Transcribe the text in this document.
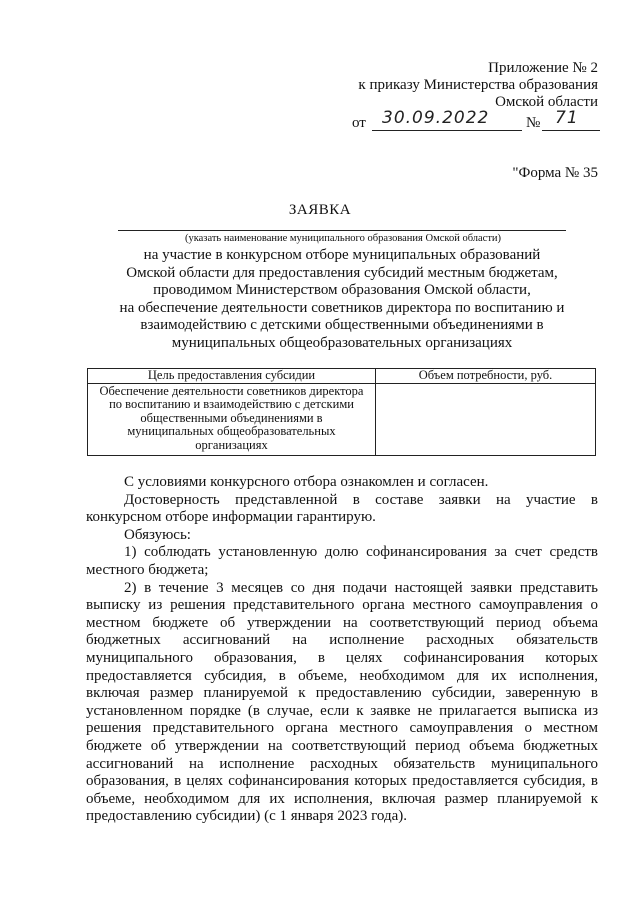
Приложение № 2
к приказу Министерства образования
Омской области
от 30.09.2022 № 71
"Форма № 35
ЗАЯВКА
(указать наименование муниципального образования Омской области)
на участие в конкурсном отборе муниципальных образований
Омской области для предоставления субсидий местным бюджетам,
проводимом Министерством образования Омской области,
на обеспечение деятельности советников директора по воспитанию и
взаимодействию с детскими общественными объединениями в
муниципальных общеобразовательных организациях
Цель предоставления субсидии	Объем потребности, руб.

Обеспечение деятельности советников директора
по воспитанию и взаимодействию с детскими
общественными объединениями в
муниципальных общеобразовательных
организациях	

С условиями конкурсного отбора ознакомлен и согласен.
Достоверность представленной в составе заявки на участие в
конкурсном отборе информации гарантирую.
Обязуюсь:
1) соблюдать установленную долю софинансирования за счет средств
местного бюджета;
2) в течение 3 месяцев со дня подачи настоящей заявки представить
выписку из решения представительного органа местного самоуправления о
местном бюджете об утверждении на соответствующий период объема
бюджетных ассигнований на исполнение расходных обязательств
муниципального образования, в целях софинансирования которых
предоставляется субсидия, в объеме, необходимом для их исполнения,
включая размер планируемой к предоставлению субсидии, заверенную в
установленном порядке (в случае, если к заявке не прилагается выписка из
решения представительного органа местного самоуправления о местном
бюджете об утверждении на соответствующий период объема бюджетных
ассигнований на исполнение расходных обязательств муниципального
образования, в целях софинансирования которых предоставляется субсидия, в
объеме, необходимом для их исполнения, включая размер планируемой к
предоставлению субсидии) (с 1 января 2023 года).
